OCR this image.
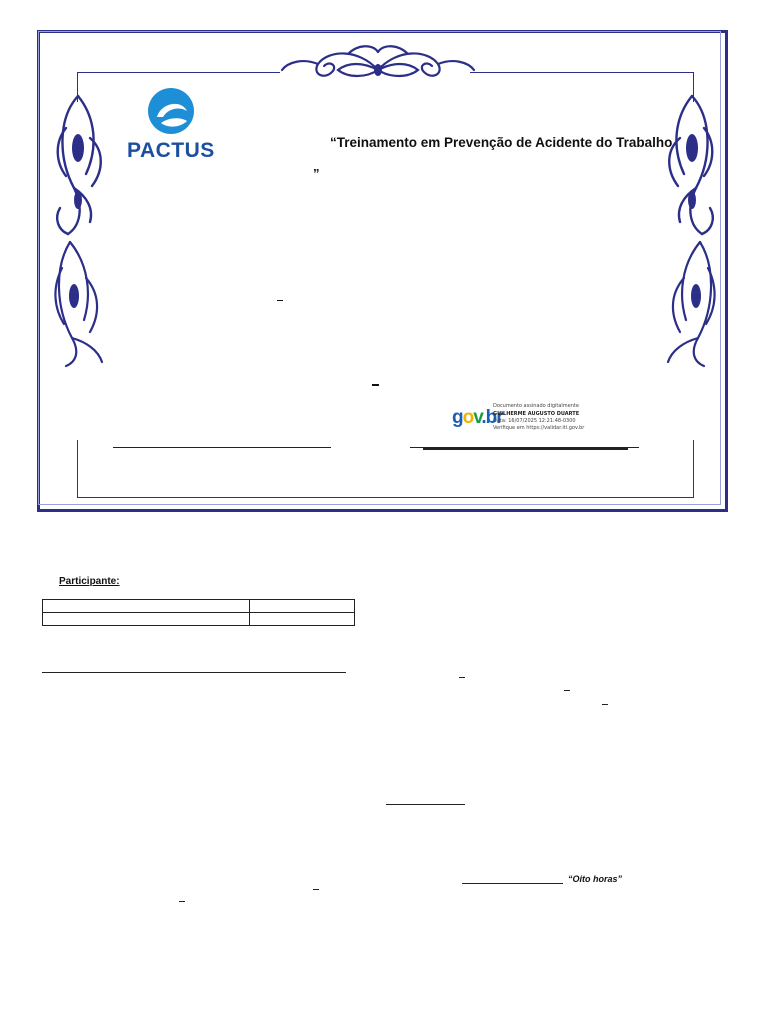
PACTUS	“Treinamento em Prevenção de Acidente do Trabalho
”
gov.br
Documento assinado digitalmente
GUILHERME AUGUSTO DUARTE
Data: 16/07/2025 12:21:48-0300
Verifique em https://validar.iti.gov.br
Participante:

“Oito horas”
